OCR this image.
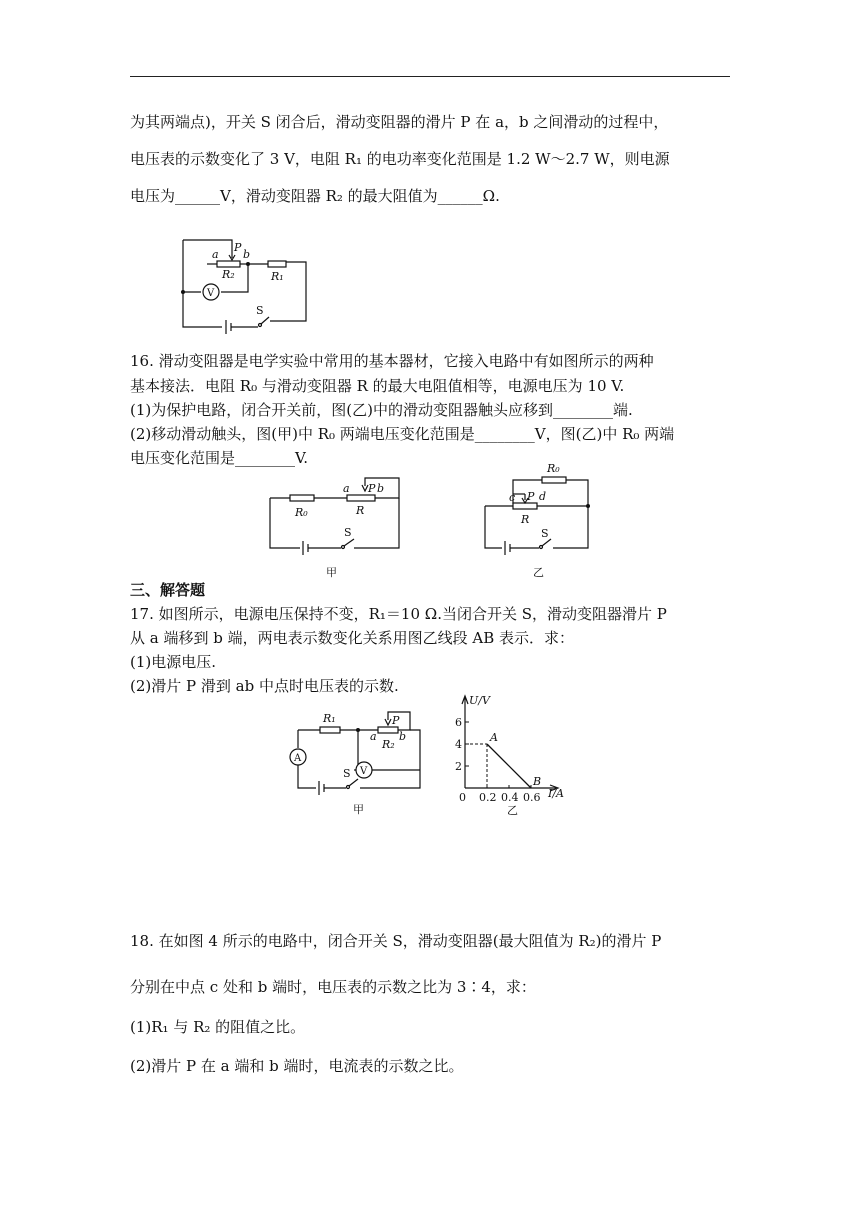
为其两端点)，开关 S 闭合后，滑动变阻器的滑片 P 在 a，b 之间滑动的过程中，
电压表的示数变化了 3 V，电阻 R₁ 的电功率变化范围是 1.2 W～2.7 W，则电源
电压为______V，滑动变阻器 R₂ 的最大阻值为______Ω.
V
a
P
b
R₂	R₁
S
16. 滑动变阻器是电学实验中常用的基本器材，它接入电路中有如图所示的两种
基本接法．电阻 R₀ 与滑动变阻器 R 的最大电阻值相等，电源电压为 10 V.
(1)为保护电路，闭合开关前，图(乙)中的滑动变阻器触头应移到________端.
(2)移动滑动触头，图(甲)中 R₀ 两端电压变化范围是________V，图(乙)中 R₀ 两端
电压变化范围是________V.
a P b
R₀	R
S
甲
R₀
c P d
R
S
乙
三、解答题
17. 如图所示，电源电压保持不变，R₁＝10 Ω.当闭合开关 S，滑动变阻器滑片 P
从 a 端移到 b 端，两电表示数变化关系用图乙线段 AB 表示．求：
(1)电源电压.
(2)滑片 P 滑到 ab 中点时电压表的示数.
A
V
R₁	P
a b
R₂
S
甲
U/V
I/A
6
4
2
0 0.2 0.4 0.6
A
B
乙
18. 在如图 4 所示的电路中，闭合开关 S，滑动变阻器(最大阻值为 R₂)的滑片 P
分别在中点 c 处和 b 端时，电压表的示数之比为 3∶4，求：
(1)R₁ 与 R₂ 的阻值之比。
(2)滑片 P 在 a 端和 b 端时，电流表的示数之比。
